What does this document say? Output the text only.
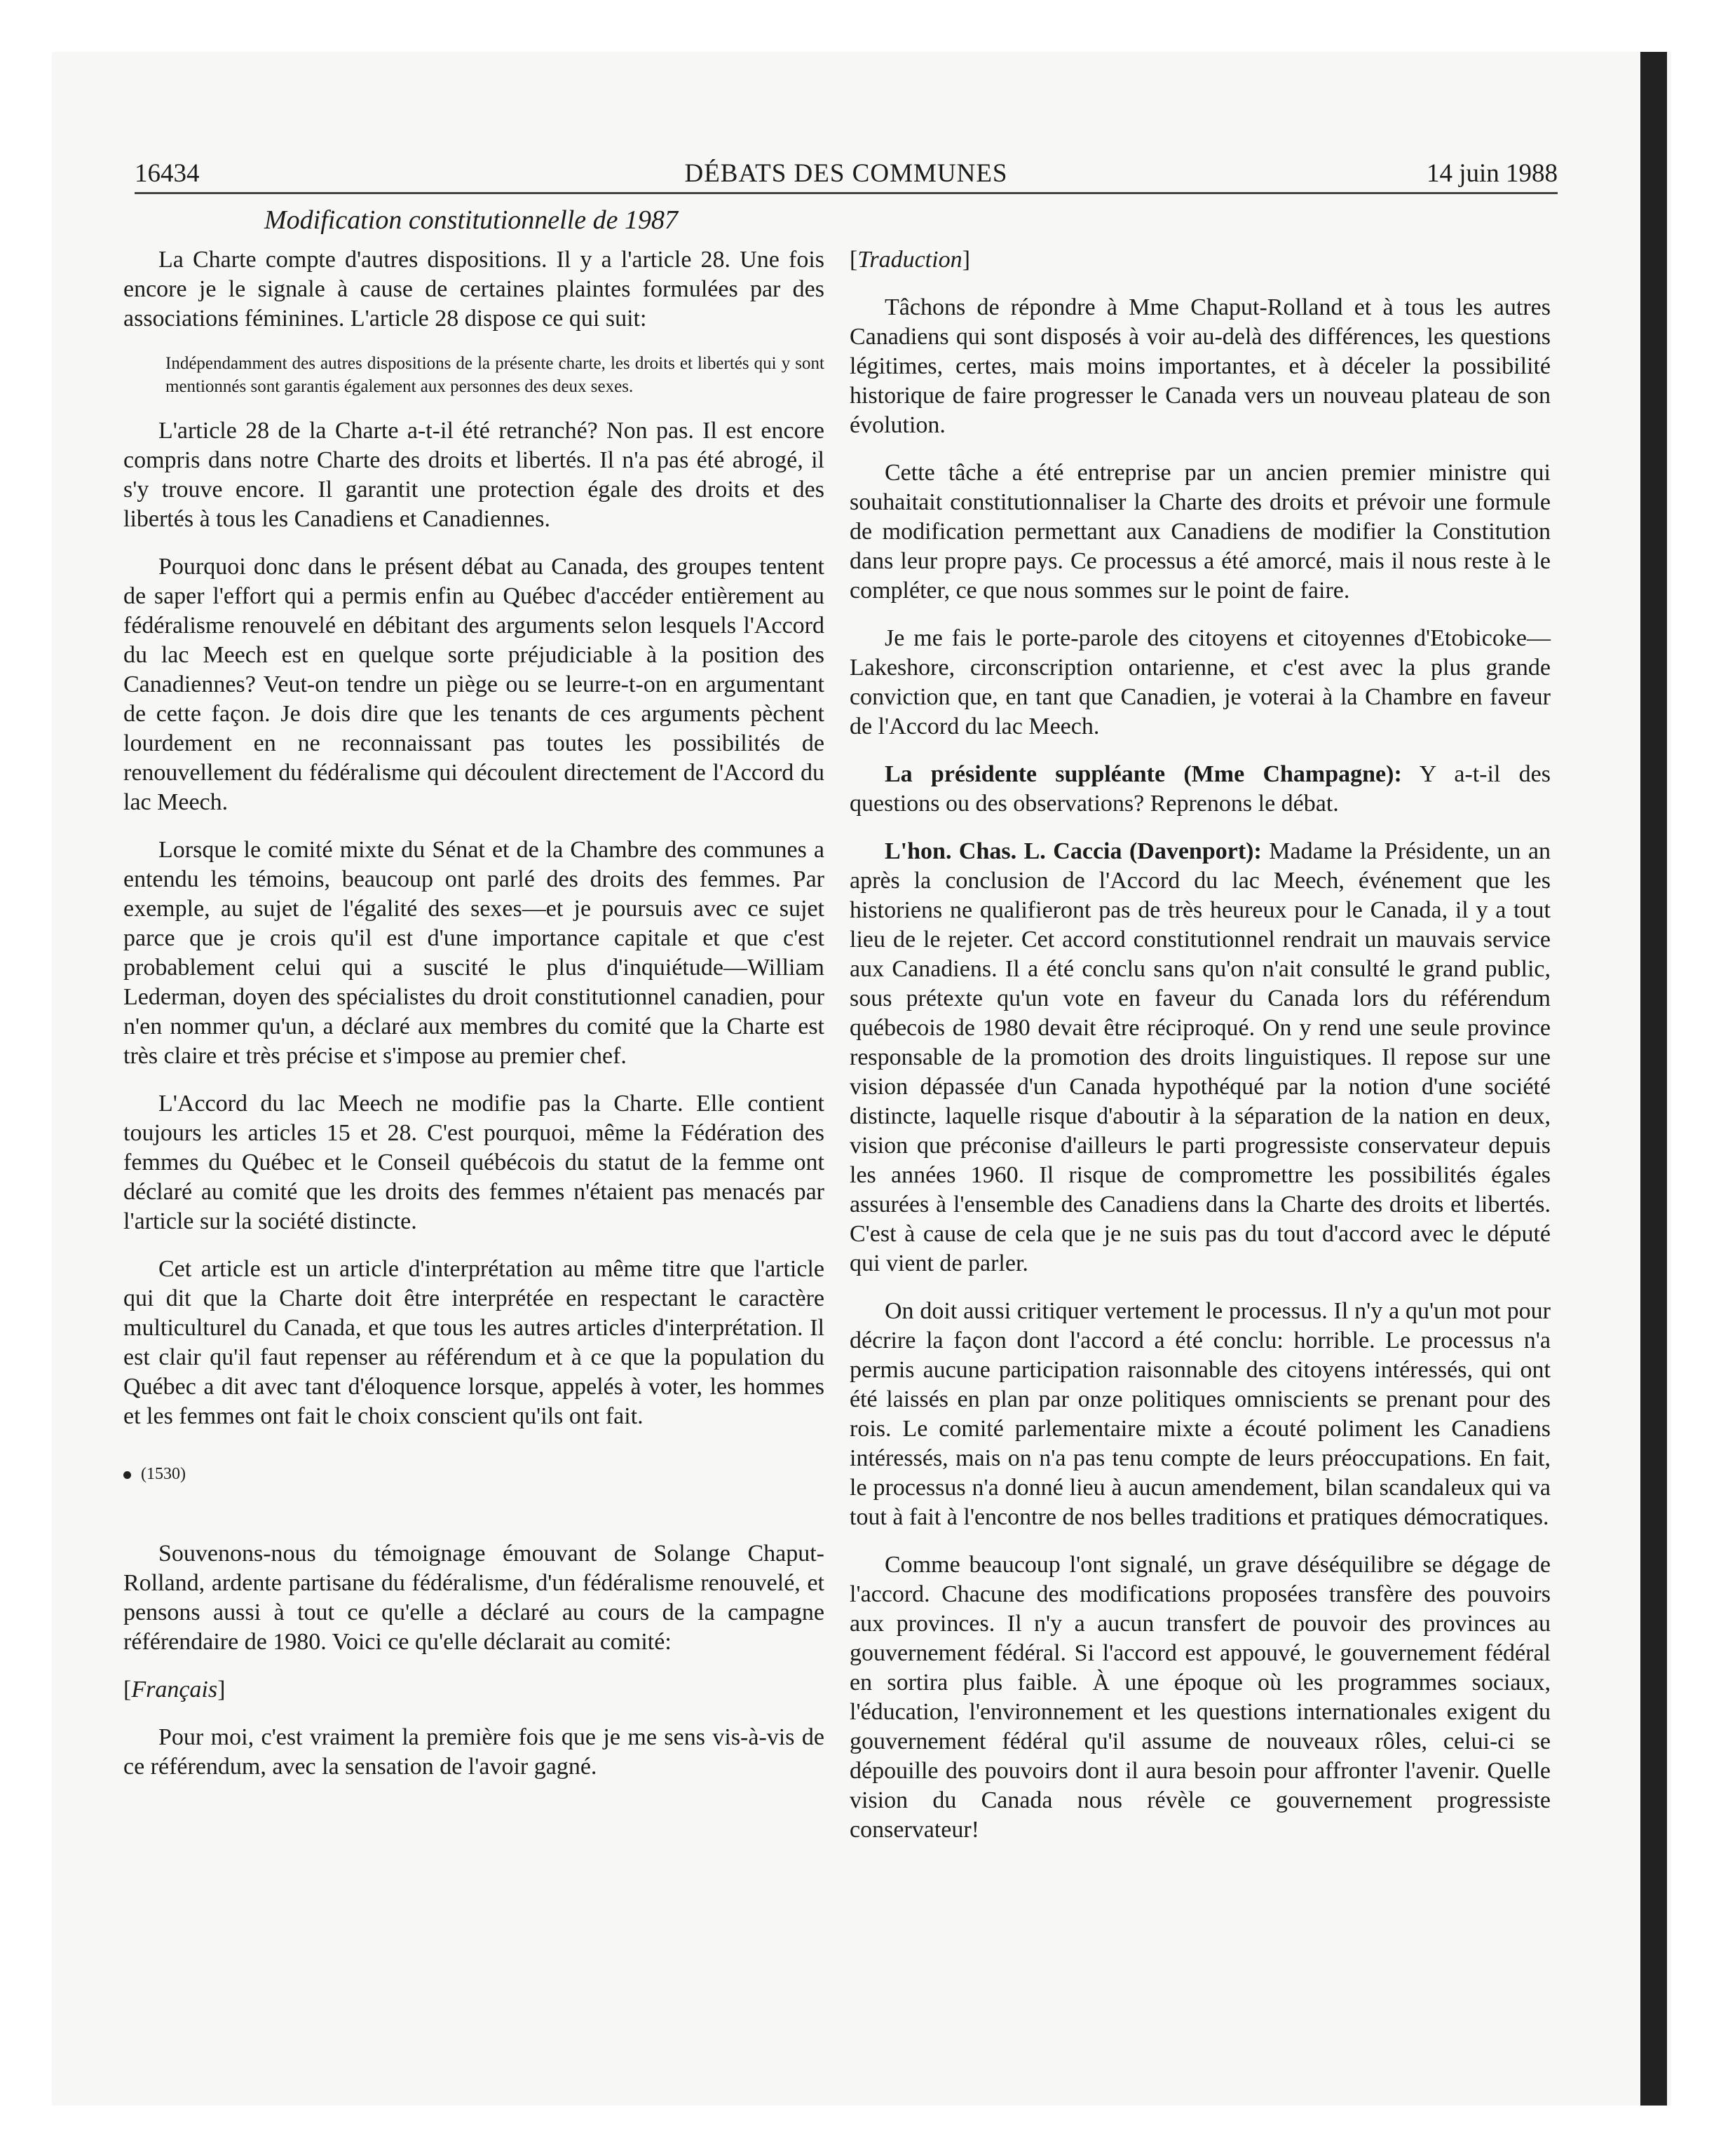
16434	DÉBATS DES COMMUNES	14 juin 1988
Modification constitutionnelle de 1987

La Charte compte d'autres dispositions. Il y a l'article 28. Une fois encore je le signale à cause de certaines plaintes formulées par des associations féminines. L'article 28 dispose ce qui suit:

Indépendamment des autres dispositions de la présente charte, les droits et libertés qui y sont mentionnés sont garantis également aux personnes des deux sexes.

L'article 28 de la Charte a-t-il été retranché? Non pas. Il est encore compris dans notre Charte des droits et libertés. Il n'a pas été abrogé, il s'y trouve encore. Il garantit une protection égale des droits et des libertés à tous les Canadiens et Canadiennes.

Pourquoi donc dans le présent débat au Canada, des groupes tentent de saper l'effort qui a permis enfin au Québec d'accéder entièrement au fédéralisme renouvelé en débitant des arguments selon lesquels l'Accord du lac Meech est en quelque sorte préjudiciable à la position des Canadiennes? Veut-on tendre un piège ou se leurre-t-on en argumentant de cette façon. Je dois dire que les tenants de ces arguments pèchent lourdement en ne reconnaissant pas toutes les possibilités de renouvellement du fédéralisme qui découlent directement de l'Accord du lac Meech.

Lorsque le comité mixte du Sénat et de la Chambre des communes a entendu les témoins, beaucoup ont parlé des droits des femmes. Par exemple, au sujet de l'égalité des sexes—et je poursuis avec ce sujet parce que je crois qu'il est d'une importance capitale et que c'est probablement celui qui a suscité le plus d'inquiétude—William Lederman, doyen des spécialistes du droit constitutionnel canadien, pour n'en nommer qu'un, a déclaré aux membres du comité que la Charte est très claire et très précise et s'impose au premier chef.

L'Accord du lac Meech ne modifie pas la Charte. Elle contient toujours les articles 15 et 28. C'est pourquoi, même la Fédération des femmes du Québec et le Conseil québécois du statut de la femme ont déclaré au comité que les droits des femmes n'étaient pas menacés par l'article sur la société distincte.

Cet article est un article d'interprétation au même titre que l'article qui dit que la Charte doit être interprétée en respectant le caractère multiculturel du Canada, et que tous les autres articles d'interprétation. Il est clair qu'il faut repenser au référendum et à ce que la population du Québec a dit avec tant d'éloquence lorsque, appelés à voter, les hommes et les femmes ont fait le choix conscient qu'ils ont fait.

(1530)

Souvenons-nous du témoignage émouvant de Solange Chaput-Rolland, ardente partisane du fédéralisme, d'un fédéralisme renouvelé, et pensons aussi à tout ce qu'elle a déclaré au cours de la campagne référendaire de 1980. Voici ce qu'elle déclarait au comité:

[Français]

Pour moi, c'est vraiment la première fois que je me sens vis-à-vis de ce référendum, avec la sensation de l'avoir gagné.

[Traduction]

Tâchons de répondre à Mme Chaput-Rolland et à tous les autres Canadiens qui sont disposés à voir au-delà des différences, les questions légitimes, certes, mais moins importantes, et à déceler la possibilité historique de faire progresser le Canada vers un nouveau plateau de son évolution.

Cette tâche a été entreprise par un ancien premier ministre qui souhaitait constitutionnaliser la Charte des droits et prévoir une formule de modification permettant aux Canadiens de modifier la Constitution dans leur propre pays. Ce processus a été amorcé, mais il nous reste à le compléter, ce que nous sommes sur le point de faire.

Je me fais le porte-parole des citoyens et citoyennes d'Etobicoke—Lakeshore, circonscription ontarienne, et c'est avec la plus grande conviction que, en tant que Canadien, je voterai à la Chambre en faveur de l'Accord du lac Meech.

La présidente suppléante (Mme Champagne): Y a-t-il des questions ou des observations? Reprenons le débat.

L'hon. Chas. L. Caccia (Davenport): Madame la Présidente, un an après la conclusion de l'Accord du lac Meech, événement que les historiens ne qualifieront pas de très heureux pour le Canada, il y a tout lieu de le rejeter. Cet accord constitutionnel rendrait un mauvais service aux Canadiens. Il a été conclu sans qu'on n'ait consulté le grand public, sous prétexte qu'un vote en faveur du Canada lors du référendum québecois de 1980 devait être réciproqué. On y rend une seule province responsable de la promotion des droits linguistiques. Il repose sur une vision dépassée d'un Canada hypothéqué par la notion d'une société distincte, laquelle risque d'aboutir à la séparation de la nation en deux, vision que préconise d'ailleurs le parti progressiste conservateur depuis les années 1960. Il risque de compromettre les possibilités égales assurées à l'ensemble des Canadiens dans la Charte des droits et libertés. C'est à cause de cela que je ne suis pas du tout d'accord avec le député qui vient de parler.

On doit aussi critiquer vertement le processus. Il n'y a qu'un mot pour décrire la façon dont l'accord a été conclu: horrible. Le processus n'a permis aucune participation raisonnable des citoyens intéressés, qui ont été laissés en plan par onze politiques omniscients se prenant pour des rois. Le comité parlementaire mixte a écouté poliment les Canadiens intéressés, mais on n'a pas tenu compte de leurs préoccupations. En fait, le processus n'a donné lieu à aucun amendement, bilan scandaleux qui va tout à fait à l'encontre de nos belles traditions et pratiques démocratiques.

Comme beaucoup l'ont signalé, un grave déséquilibre se dégage de l'accord. Chacune des modifications proposées transfère des pouvoirs aux provinces. Il n'y a aucun transfert de pouvoir des provinces au gouvernement fédéral. Si l'accord est appouvé, le gouvernement fédéral en sortira plus faible. À une époque où les programmes sociaux, l'éducation, l'environnement et les questions internationales exigent du gouvernement fédéral qu'il assume de nouveaux rôles, celui-ci se dépouille des pouvoirs dont il aura besoin pour affronter l'avenir. Quelle vision du Canada nous révèle ce gouvernement progressiste conservateur!
